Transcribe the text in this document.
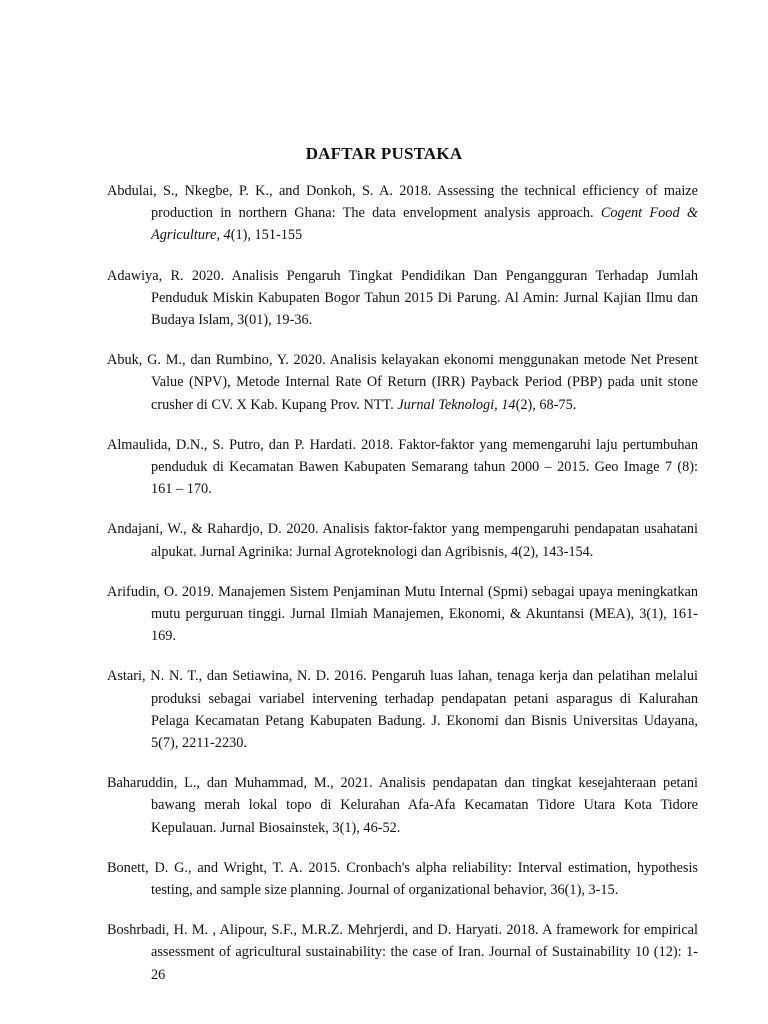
DAFTAR PUSTAKA

Abdulai, S., Nkegbe, P. K., and Donkoh, S. A. 2018. Assessing the technical efficiency of maize production in northern Ghana: The data envelopment analysis approach. Cogent Food & Agriculture, 4(1), 151-155

Adawiya, R. 2020. Analisis Pengaruh Tingkat Pendidikan Dan Pengangguran Terhadap Jumlah Penduduk Miskin Kabupaten Bogor Tahun 2015 Di Parung. Al Amin: Jurnal Kajian Ilmu dan Budaya Islam, 3(01), 19-36.

Abuk, G. M., dan Rumbino, Y. 2020. Analisis kelayakan ekonomi menggunakan metode Net Present Value (NPV), Metode Internal Rate Of Return (IRR) Payback Period (PBP) pada unit stone crusher di CV. X Kab. Kupang Prov. NTT. Jurnal Teknologi, 14(2), 68-75.

Almaulida, D.N., S. Putro, dan P. Hardati. 2018. Faktor-faktor yang memengaruhi laju pertumbuhan penduduk di Kecamatan Bawen Kabupaten Semarang tahun 2000 – 2015. Geo Image 7 (8): 161 – 170.

Andajani, W., & Rahardjo, D. 2020. Analisis faktor-faktor yang mempengaruhi pendapatan usahatani alpukat. Jurnal Agrinika: Jurnal Agroteknologi dan Agribisnis, 4(2), 143-154.

Arifudin, O. 2019. Manajemen Sistem Penjaminan Mutu Internal (Spmi) sebagai upaya meningkatkan mutu perguruan tinggi. Jurnal Ilmiah Manajemen, Ekonomi, & Akuntansi (MEA), 3(1), 161-169.

Astari, N. N. T., dan Setiawina, N. D. 2016. Pengaruh luas lahan, tenaga kerja dan pelatihan melalui produksi sebagai variabel intervening terhadap pendapatan petani asparagus di Kalurahan Pelaga Kecamatan Petang Kabupaten Badung. J. Ekonomi dan Bisnis Universitas Udayana, 5(7), 2211-2230.

Baharuddin, L., dan Muhammad, M., 2021. Analisis pendapatan dan tingkat kesejahteraan petani bawang merah lokal topo di Kelurahan Afa-Afa Kecamatan Tidore Utara Kota Tidore Kepulauan. Jurnal Biosainstek, 3(1), 46-52.

Bonett, D. G., and Wright, T. A. 2015. Cronbach's alpha reliability: Interval estimation, hypothesis testing, and sample size planning. Journal of organizational behavior, 36(1), 3-15.

Boshrbadi, H. M. , Alipour, S.F., M.R.Z. Mehrjerdi, and D. Haryati. 2018. A framework for empirical assessment of agricultural sustainability: the case of Iran. Journal of Sustainability 10 (12): 1-26
